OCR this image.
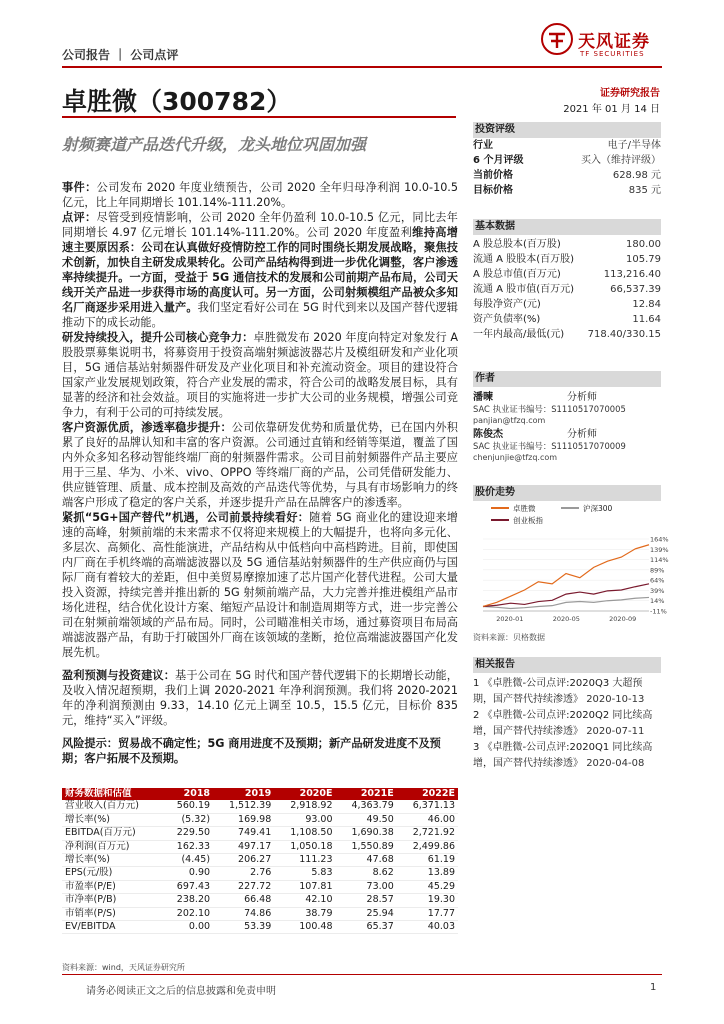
公司报告 ｜ 公司点评
天风证券
TF SECURITIES
证券研究报告
2021 年 01 月 14 日
卓胜微（300782）
射频赛道产品迭代升级，龙头地位巩固加强

事件：公司发布 2020 年度业绩预告，公司 2020 全年归母净利润 10.0-10.5 亿元，比上年同期增长 101.14%-111.20%。

点评：尽管受到疫情影响，公司 2020 全年仍盈利 10.0-10.5 亿元，同比去年同期增长 4.97 亿元增长 101.14%-111.20%。公司 2020 年度盈利维持高增速主要原因系：公司在认真做好疫情防控工作的同时围绕长期发展战略，聚焦技术创新，加快自主研发成果转化。公司产品结构得到进一步优化调整，客户渗透率持续提升。一方面，受益于 5G 通信技术的发展和公司前期产品布局，公司天线开关产品进一步获得市场的高度认可。另一方面，公司射频模组产品被众多知名厂商逐步采用进入量产。我们坚定看好公司在 5G 时代到来以及国产替代逻辑推动下的成长动能。

研发持续投入，提升公司核心竞争力：卓胜微发布 2020 年度向特定对象发行 A 股股票募集说明书，将募资用于投资高端射频滤波器芯片及模组研发和产业化项目，5G 通信基站射频器件研发及产业化项目和补充流动资金。项目的建设符合国家产业发展规划政策，符合产业发展的需求，符合公司的战略发展目标，具有显著的经济和社会效益。项目的实施将进一步扩大公司的业务规模，增强公司竞争力，有利于公司的可持续发展。

客户资源优质，渗透率稳步提升：公司依靠研发优势和质量优势，已在国内外积累了良好的品牌认知和丰富的客户资源。公司通过直销和经销等渠道，覆盖了国内外众多知名移动智能终端厂商的射频器件需求。公司目前射频器件产品主要应用于三星、华为、小米、vivo、OPPO 等终端厂商的产品，公司凭借研发能力、供应链管理、质量、成本控制及高效的产品迭代等优势，与具有市场影响力的终端客户形成了稳定的客户关系，并逐步提升产品在品牌客户的渗透率。

紧抓“5G+国产替代”机遇，公司前景持续看好：随着 5G 商业化的建设迎来增速的高峰，射频前端的未来需求不仅将迎来规模上的大幅提升，也将向多元化、多层次、高频化、高性能演进，产品结构从中低档向中高档跨进。目前，即使国内厂商在手机终端的高端滤波器以及 5G 通信基站射频器件的生产供应商仍与国际厂商有着较大的差距，但中美贸易摩擦加速了芯片国产化替代进程。公司大量投入资源，持续完善并推出新的 5G 射频前端产品，大力完善并推进模组产品市场化进程，结合优化设计方案、缩短产品设计和制造周期等方式，进一步完善公司在射频前端领域的产品布局。同时，公司瞄准相关市场，通过募资项目布局高端滤波器产品，有助于打破国外厂商在该领域的垄断，抢位高端滤波器国产化发展先机。

盈利预测与投资建议：基于公司在 5G 时代和国产替代逻辑下的长期增长动能，及收入情况超预期，我们上调 2020-2021 年净利润预测。我们将 2020-2021 年的净利润预测由 9.33，14.10 亿元上调至 10.5，15.5 亿元，目标价 835 元，维持“买入”评级。

风险提示：贸易战不确定性；5G 商用进度不及预期；新产品研发进度不及预期；客户拓展不及预期。
投资评级
行业	电子/半导体
6 个月评级	买入（维持评级）
当前价格	628.98 元
目标价格	835 元
基本数据
A 股总股本(百万股)	180.00
流通 A 股股本(百万股)	105.79
A 股总市值(百万元)	113,216.40
流通 A 股市值(百万元)	66,537.39
每股净资产(元)	12.84
资产负债率(%)	11.64
一年内最高/最低(元) 718.40/330.15
作者
潘暕	分析师
SAC 执业证书编号：S1110517070005
panjian@tfzq.com
陈俊杰	分析师
SAC 执业证书编号：S1110517070009
chenjunjie@tfzq.com
股价走势
卓胜微
创业板指
沪深300
164%
139%
114%
89%
64%
39%
14%
-11%
2020-01	2020-05	2020-09
资料来源：贝格数据
相关报告
1 《卓胜微-公司点评:2020Q3 大超预期，国产替代持续渗透》 2020-10-13
2 《卓胜微-公司点评:2020Q2 同比续高增，国产替代持续渗透》 2020-07-11
3 《卓胜微-公司点评:2020Q1 同比续高增，国产替代持续渗透》 2020-04-08
财务数据和估值	2018	2019	2020E	2021E	2022E
营业收入(百万元)	560.19	1,512.39	2,918.92	4,363.79	6,371.13
增长率(%)	(5.32)	169.98	93.00	49.50	46.00
EBITDA(百万元)	229.50	749.41	1,108.50	1,690.38	2,721.92
净利润(百万元)	162.33	497.17	1,050.18	1,550.89	2,499.86
增长率(%)	(4.45)	206.27	111.23	47.68	61.19
EPS(元/股)	0.90	2.76	5.83	8.62	13.89
市盈率(P/E)	697.43	227.72	107.81	73.00	45.29
市净率(P/B)	238.20	66.48	42.10	28.57	19.30
市销率(P/S)	202.10	74.86	38.79	25.94	17.77
EV/EBITDA	0.00	53.39	100.48	65.37	40.03
资料来源：wind，天风证券研究所
请务必阅读正文之后的信息披露和免责申明	1
